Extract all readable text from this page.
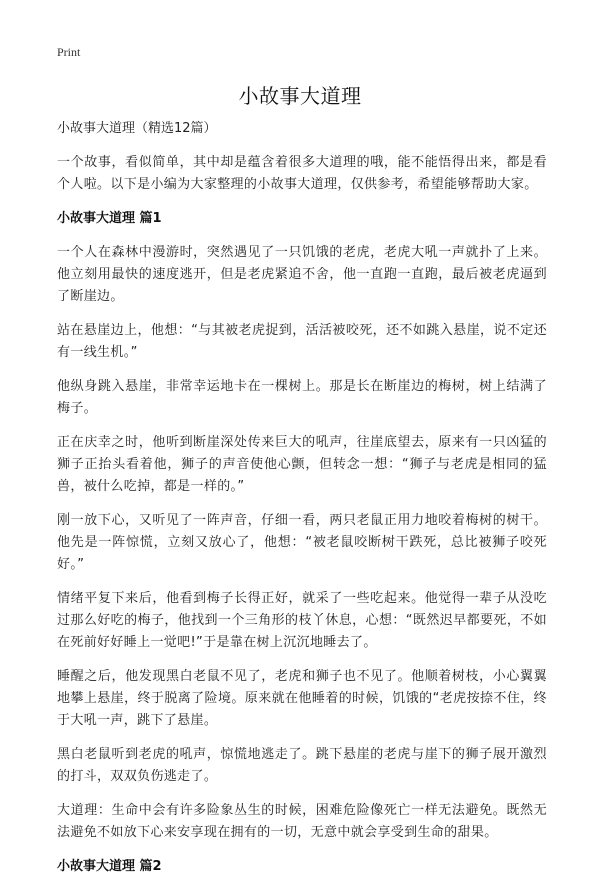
Print
小故事大道理

小故事大道理（精选12篇）

一个故事，看似简单，其中却是蕴含着很多大道理的哦，能不能悟得出来，都是看个人啦。以下是小编为大家整理的小故事大道理，仅供参考，希望能够帮助大家。

小故事大道理 篇1

一个人在森林中漫游时，突然遇见了一只饥饿的老虎，老虎大吼一声就扑了上来。他立刻用最快的速度逃开，但是老虎紧追不舍，他一直跑一直跑，最后被老虎逼到了断崖边。

站在悬崖边上，他想：“与其被老虎捉到，活活被咬死，还不如跳入悬崖，说不定还有一线生机。”

他纵身跳入悬崖，非常幸运地卡在一棵树上。那是长在断崖边的梅树，树上结满了梅子。

正在庆幸之时，他听到断崖深处传来巨大的吼声，往崖底望去，原来有一只凶猛的狮子正抬头看着他，狮子的声音使他心颤，但转念一想：“狮子与老虎是相同的猛兽，被什么吃掉，都是一样的。”

刚一放下心，又听见了一阵声音，仔细一看，两只老鼠正用力地咬着梅树的树干。他先是一阵惊慌，立刻又放心了，他想：“被老鼠咬断树干跌死，总比被狮子咬死好。”

情绪平复下来后，他看到梅子长得正好，就采了一些吃起来。他觉得一辈子从没吃过那么好吃的梅子，他找到一个三角形的枝丫休息，心想：“既然迟早都要死，不如在死前好好睡上一觉吧!”于是靠在树上沉沉地睡去了。

睡醒之后，他发现黑白老鼠不见了，老虎和狮子也不见了。他顺着树枝，小心翼翼地攀上悬崖，终于脱离了险境。原来就在他睡着的时候，饥饿的“老虎按捺不住，终于大吼一声，跳下了悬崖。

黑白老鼠听到老虎的吼声，惊慌地逃走了。跳下悬崖的老虎与崖下的狮子展开激烈的打斗，双双负伤逃走了。

大道理：生命中会有许多险象丛生的时候，困难危险像死亡一样无法避免。既然无法避免不如放下心来安享现在拥有的一切，无意中就会享受到生命的甜果。

小故事大道理 篇2
